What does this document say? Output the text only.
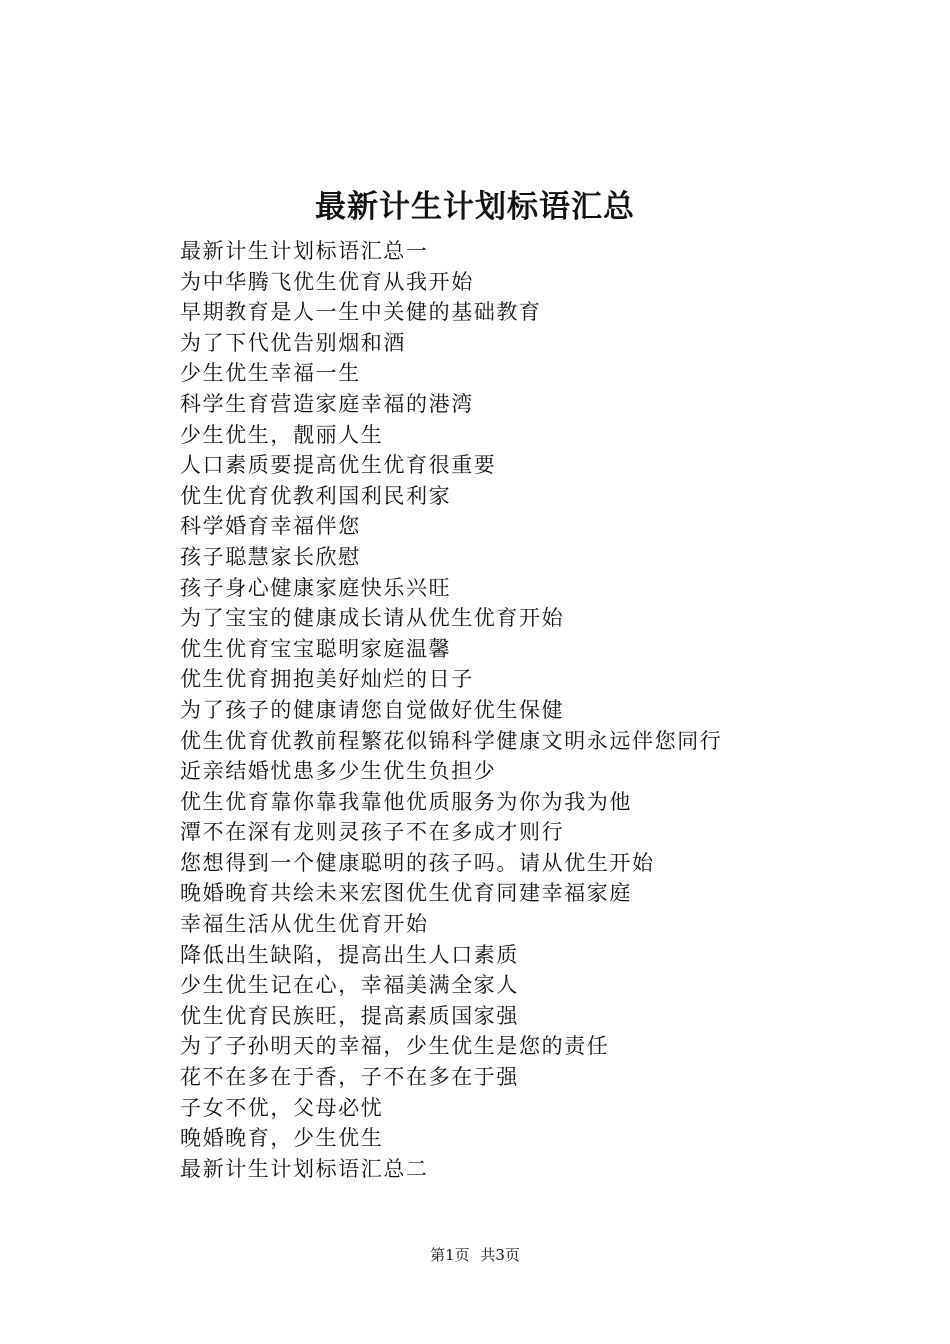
最新计生计划标语汇总
最新计生计划标语汇总一
为中华腾飞优生优育从我开始
早期教育是人一生中关健的基础教育
为了下代优告别烟和酒
少生优生幸福一生
科学生育营造家庭幸福的港湾
少生优生，靓丽人生
人口素质要提高优生优育很重要
优生优育优教利国利民利家
科学婚育幸福伴您
孩子聪慧家长欣慰
孩子身心健康家庭快乐兴旺
为了宝宝的健康成长请从优生优育开始
优生优育宝宝聪明家庭温馨
优生优育拥抱美好灿烂的日子
为了孩子的健康请您自觉做好优生保健
优生优育优教前程繁花似锦科学健康文明永远伴您同行
近亲结婚忧患多少生优生负担少
优生优育靠你靠我靠他优质服务为你为我为他
潭不在深有龙则灵孩子不在多成才则行
您想得到一个健康聪明的孩子吗。请从优生开始
晚婚晚育共绘未来宏图优生优育同建幸福家庭
幸福生活从优生优育开始
降低出生缺陷，提高出生人口素质
少生优生记在心，幸福美满全家人
优生优育民族旺，提高素质国家强
为了子孙明天的幸福，少生优生是您的责任
花不在多在于香，子不在多在于强
子女不优，父母必忧
晚婚晚育，少生优生
最新计生计划标语汇总二
第1页 共3页
